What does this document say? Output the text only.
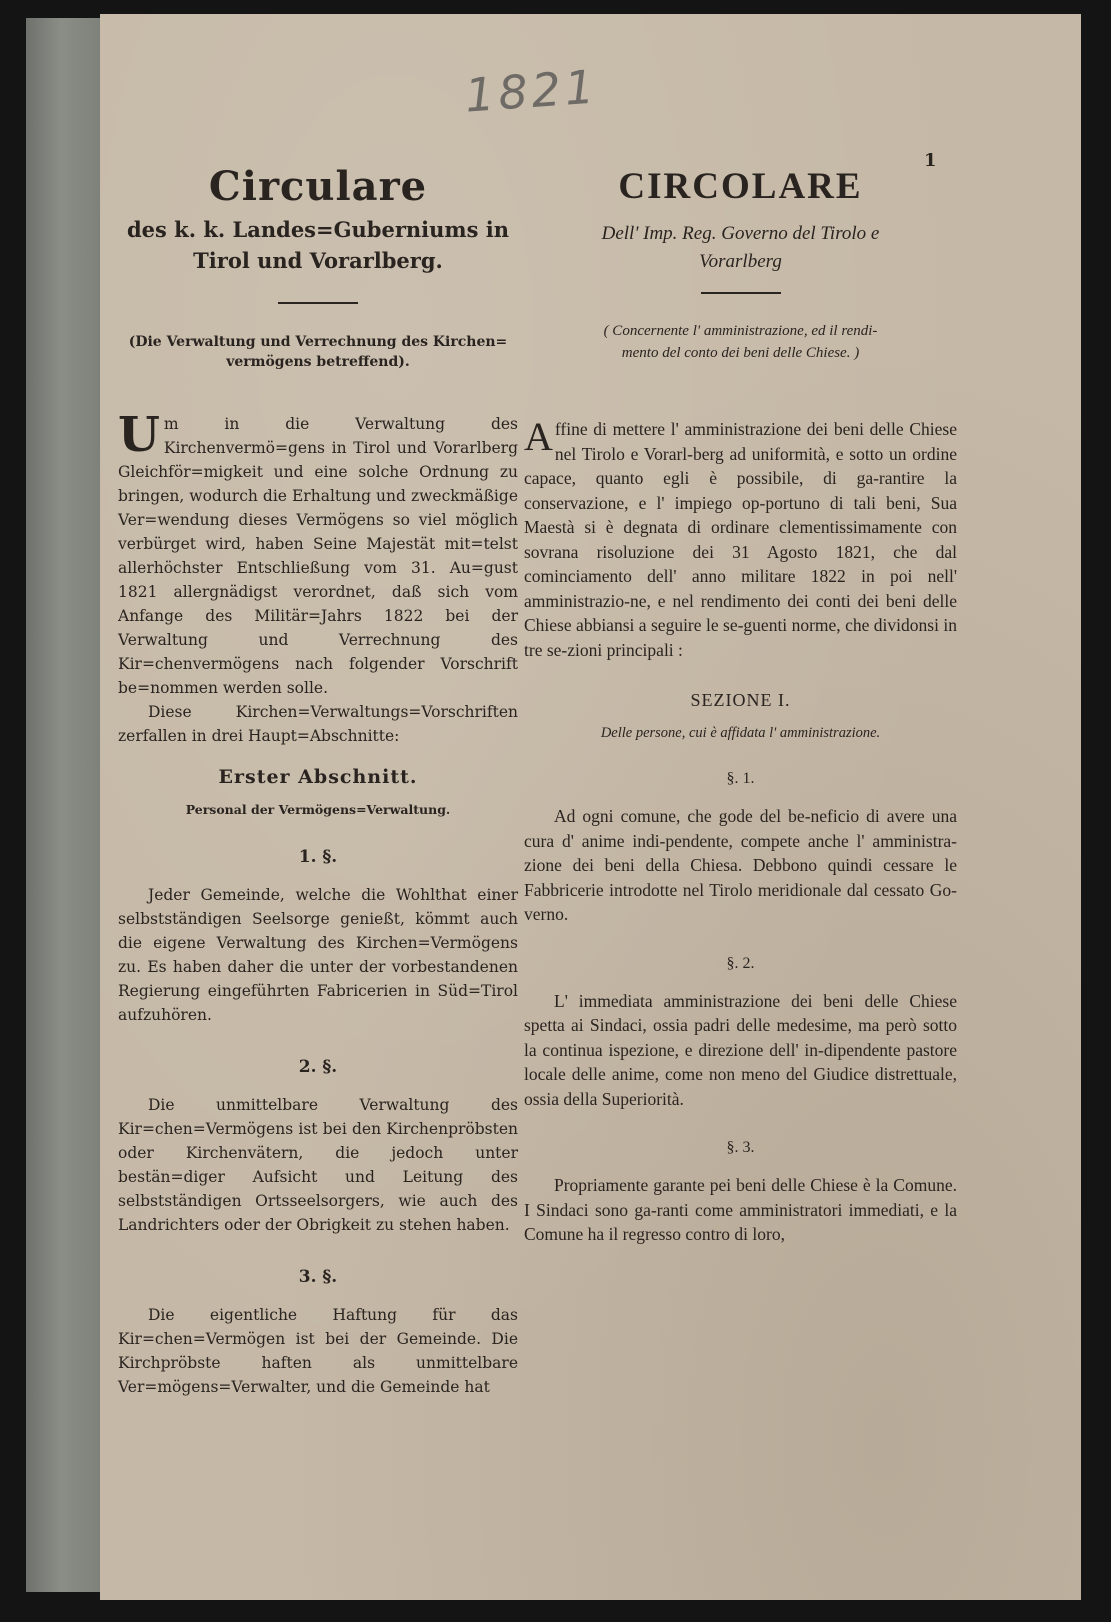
1821
1
Circulare
des k. k. Landes=Guberniums in
Tirol und Vorarlberg.
(Die Verwaltung und Verrechnung des Kirchen=
vermögens betreffend).

Um in die Verwaltung des Kirchenvermö=gens in Tirol und Vorarlberg Gleichför=migkeit und eine solche Ordnung zu bringen, wodurch die Erhaltung und zweckmäßige Ver=wendung dieses Vermögens so viel möglich verbürget wird, haben Seine Majestät mit=telst allerhöchster Entschließung vom 31. Au=gust 1821 allergnädigst verordnet, daß sich vom Anfange des Militär=Jahrs 1822 bei der Verwaltung und Verrechnung des Kir=chenvermögens nach folgender Vorschrift be=nommen werden solle.

Diese Kirchen=Verwaltungs=Vorschriften zerfallen in drei Haupt=Abschnitte:

Erster Abschnitt.
Personal der Vermögens=Verwaltung.
1. §.

Jeder Gemeinde, welche die Wohlthat einer selbstständigen Seelsorge genießt, kömmt auch die eigene Verwaltung des Kirchen=Vermögens zu. Es haben daher die unter der vorbestandenen Regierung eingeführten Fabricerien in Süd=Tirol aufzuhören.

2. §.

Die unmittelbare Verwaltung des Kir=chen=Vermögens ist bei den Kirchenpröbsten oder Kirchenvätern, die jedoch unter bestän=diger Aufsicht und Leitung des selbstständigen Ortsseelsorgers, wie auch des Landrichters oder der Obrigkeit zu stehen haben.

3. §.

Die eigentliche Haftung für das Kir=chen=Vermögen ist bei der Gemeinde. Die Kirchpröbste haften als unmittelbare Ver=mögens=Verwalter, und die Gemeinde hat

CIRCOLARE
Dell' Imp. Reg. Governo del Tirolo e
Vorarlberg
( Concernente l' amministrazione, ed il rendi-
mento del conto dei beni delle Chiese. )

Affine di mettere l' amministrazione dei beni delle Chiese nel Tirolo e Vorarl-berg ad uniformità, e sotto un ordine capace, quanto egli è possibile, di ga-rantire la conservazione, e l' impiego op-portuno di tali beni, Sua Maestà si è degnata di ordinare clementissimamente con sovrana risoluzione dei 31 Agosto 1821, che dal cominciamento dell' anno militare 1822 in poi nell' amministrazio-ne, e nel rendimento dei conti dei beni delle Chiese abbiansi a seguire le se-guenti norme, che dividonsi in tre se-zioni principali :

SEZIONE I.
Delle persone, cui è affidata l' amministrazione.
§. 1.

Ad ogni comune, che gode del be-neficio di avere una cura d' anime indi-pendente, compete anche l' amministra-zione dei beni della Chiesa. Debbono quindi cessare le Fabbricerie introdotte nel Tirolo meridionale dal cessato Go-verno.

§. 2.

L' immediata amministrazione dei beni delle Chiese spetta ai Sindaci, ossia padri delle medesime, ma però sotto la continua ispezione, e direzione dell' in-dipendente pastore locale delle anime, come non meno del Giudice distrettuale, ossia della Superiorità.

§. 3.

Propriamente garante pei beni delle Chiese è la Comune. I Sindaci sono ga-ranti come amministratori immediati, e la Comune ha il regresso contro di loro,
